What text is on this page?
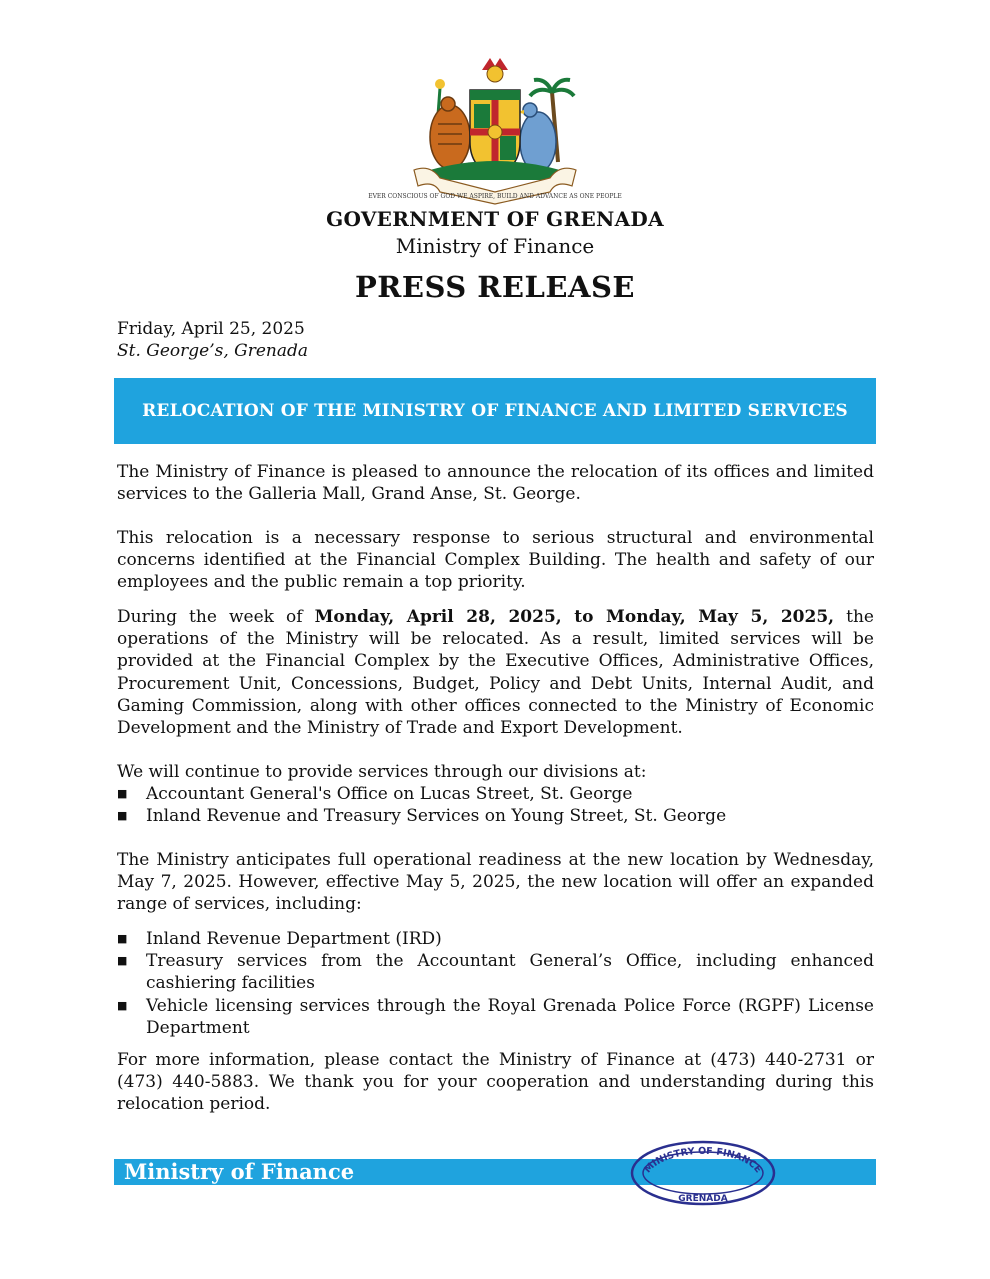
EVER CONSCIOUS OF GOD WE ASPIRE, BUILD AND ADVANCE AS ONE PEOPLE
GOVERNMENT OF GRENADA
Ministry of Finance
PRESS RELEASE
Friday, April 25, 2025
St. George’s, Grenada
RELOCATION OF THE MINISTRY OF FINANCE AND LIMITED SERVICES

The Ministry of Finance is pleased to announce the relocation of its offices and limited services to the Galleria Mall, Grand Anse, St. George.

This relocation is a necessary response to serious structural and environmental concerns identified at the Financial Complex Building. The health and safety of our employees and the public remain a top priority.

During the week of Monday, April 28, 2025, to Monday, May 5, 2025, the operations of the Ministry will be relocated. As a result, limited services will be provided at the Financial Complex by the Executive Offices, Administrative Offices, Procurement Unit, Concessions, Budget, Policy and Debt Units, Internal Audit, and Gaming Commission, along with other offices connected to the Ministry of Economic Development and the Ministry of Trade and Export Development.

We will continue to provide services through our divisions at:

■ Accountant General's Office on Lucas Street, St. George
■ Inland Revenue and Treasury Services on Young Street, St. George

The Ministry anticipates full operational readiness at the new location by Wednesday, May 7, 2025. However, effective May 5, 2025, the new location will offer an expanded range of services, including:

■ Inland Revenue Department (IRD)
■ Treasury services from the Accountant General’s Office, including enhanced cashiering facilities
■ Vehicle licensing services through the Royal Grenada Police Force (RGPF) License Department

For more information, please contact the Ministry of Finance at (473) 440-2731 or (473) 440-5883. We thank you for your cooperation and understanding during this relocation period.

Ministry of Finance	MINISTRY OF FINANCE
GRENADA
